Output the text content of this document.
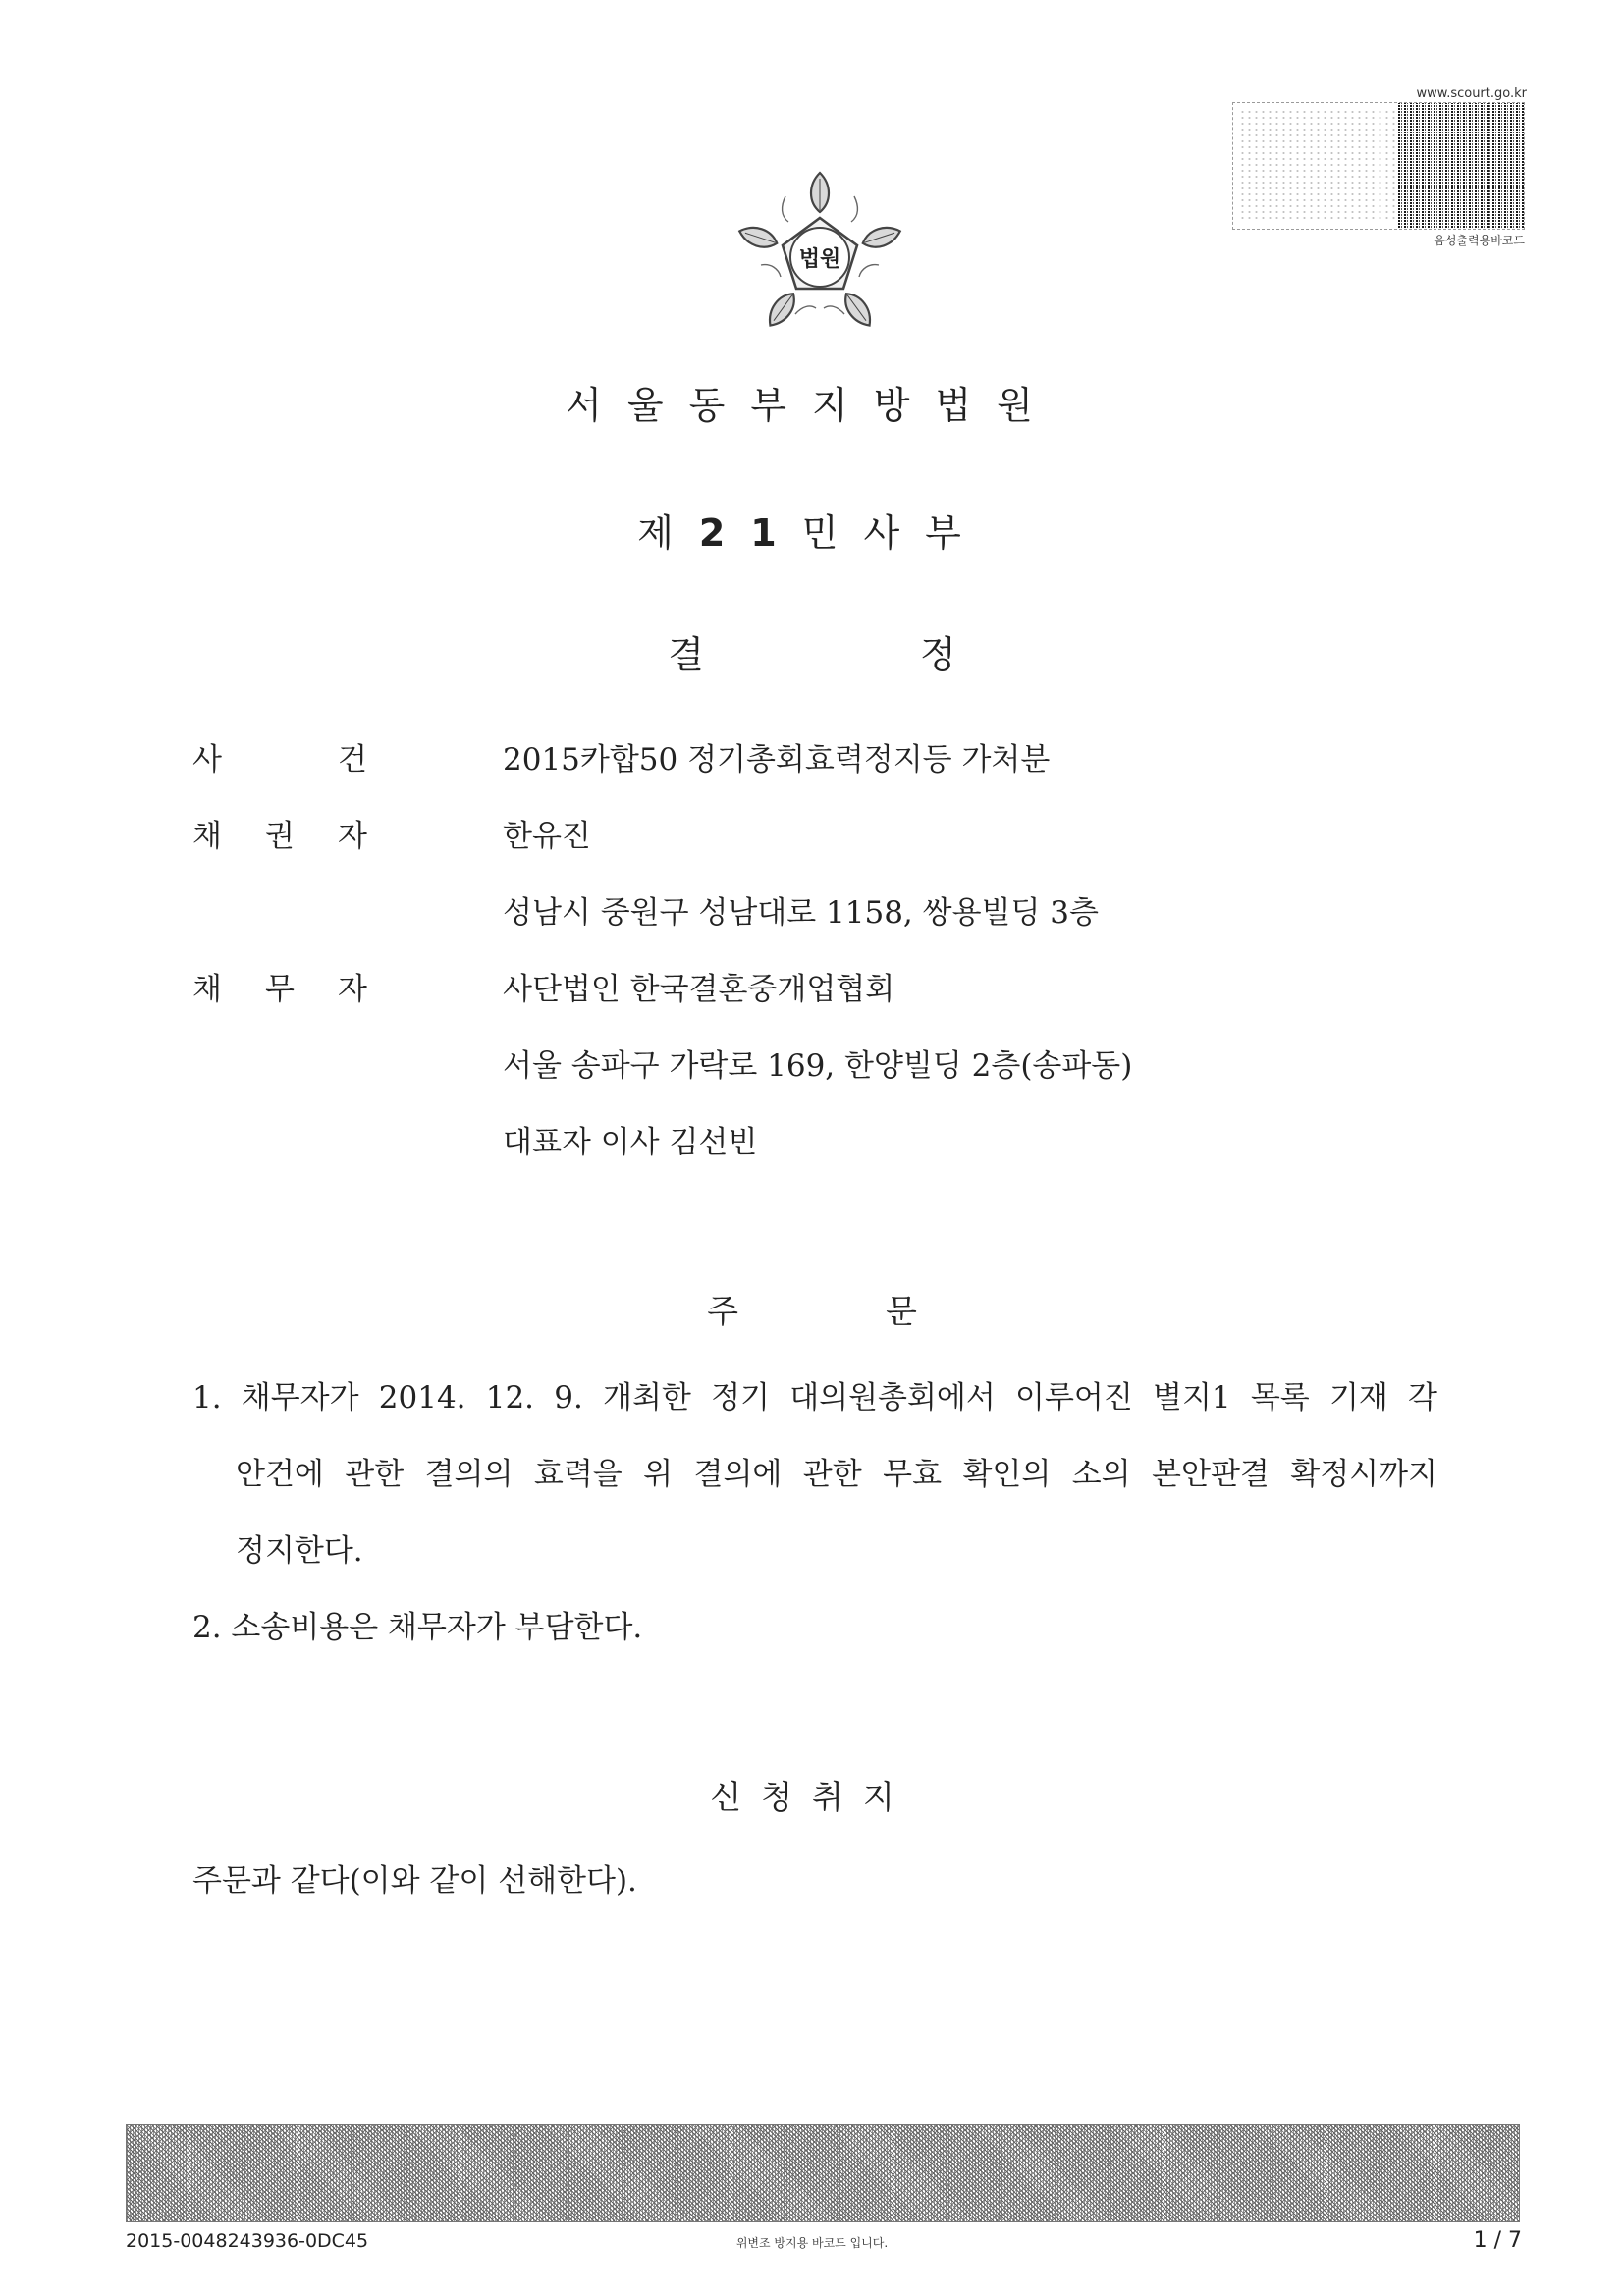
www.scourt.go.kr
음성출력용바코드
법원
서울동부지방법원
제21민사부
결	정
사	건	2015카합50 정기총회효력정지등 가처분
채 권 자	한유진
성남시 중원구 성남대로 1158, 쌍용빌딩 3층
채 무 자	사단법인 한국결혼중개업협회
서울 송파구 가락로 169, 한양빌딩 2층(송파동)
대표자 이사 김선빈
주	문
1. 채무자가 2014. 12. 9. 개최한 정기 대의원총회에서 이루어진 별지1 목록 기재 각
안건에 관한 결의의 효력을 위 결의에 관한 무효 확인의 소의 본안판결 확정시까지
정지한다.
2. 소송비용은 채무자가 부담한다.
신청취지
주문과 같다(이와 같이 선해한다).
2015-0048243936-0DC45	위변조 방지용 바코드 입니다.	1 / 7
